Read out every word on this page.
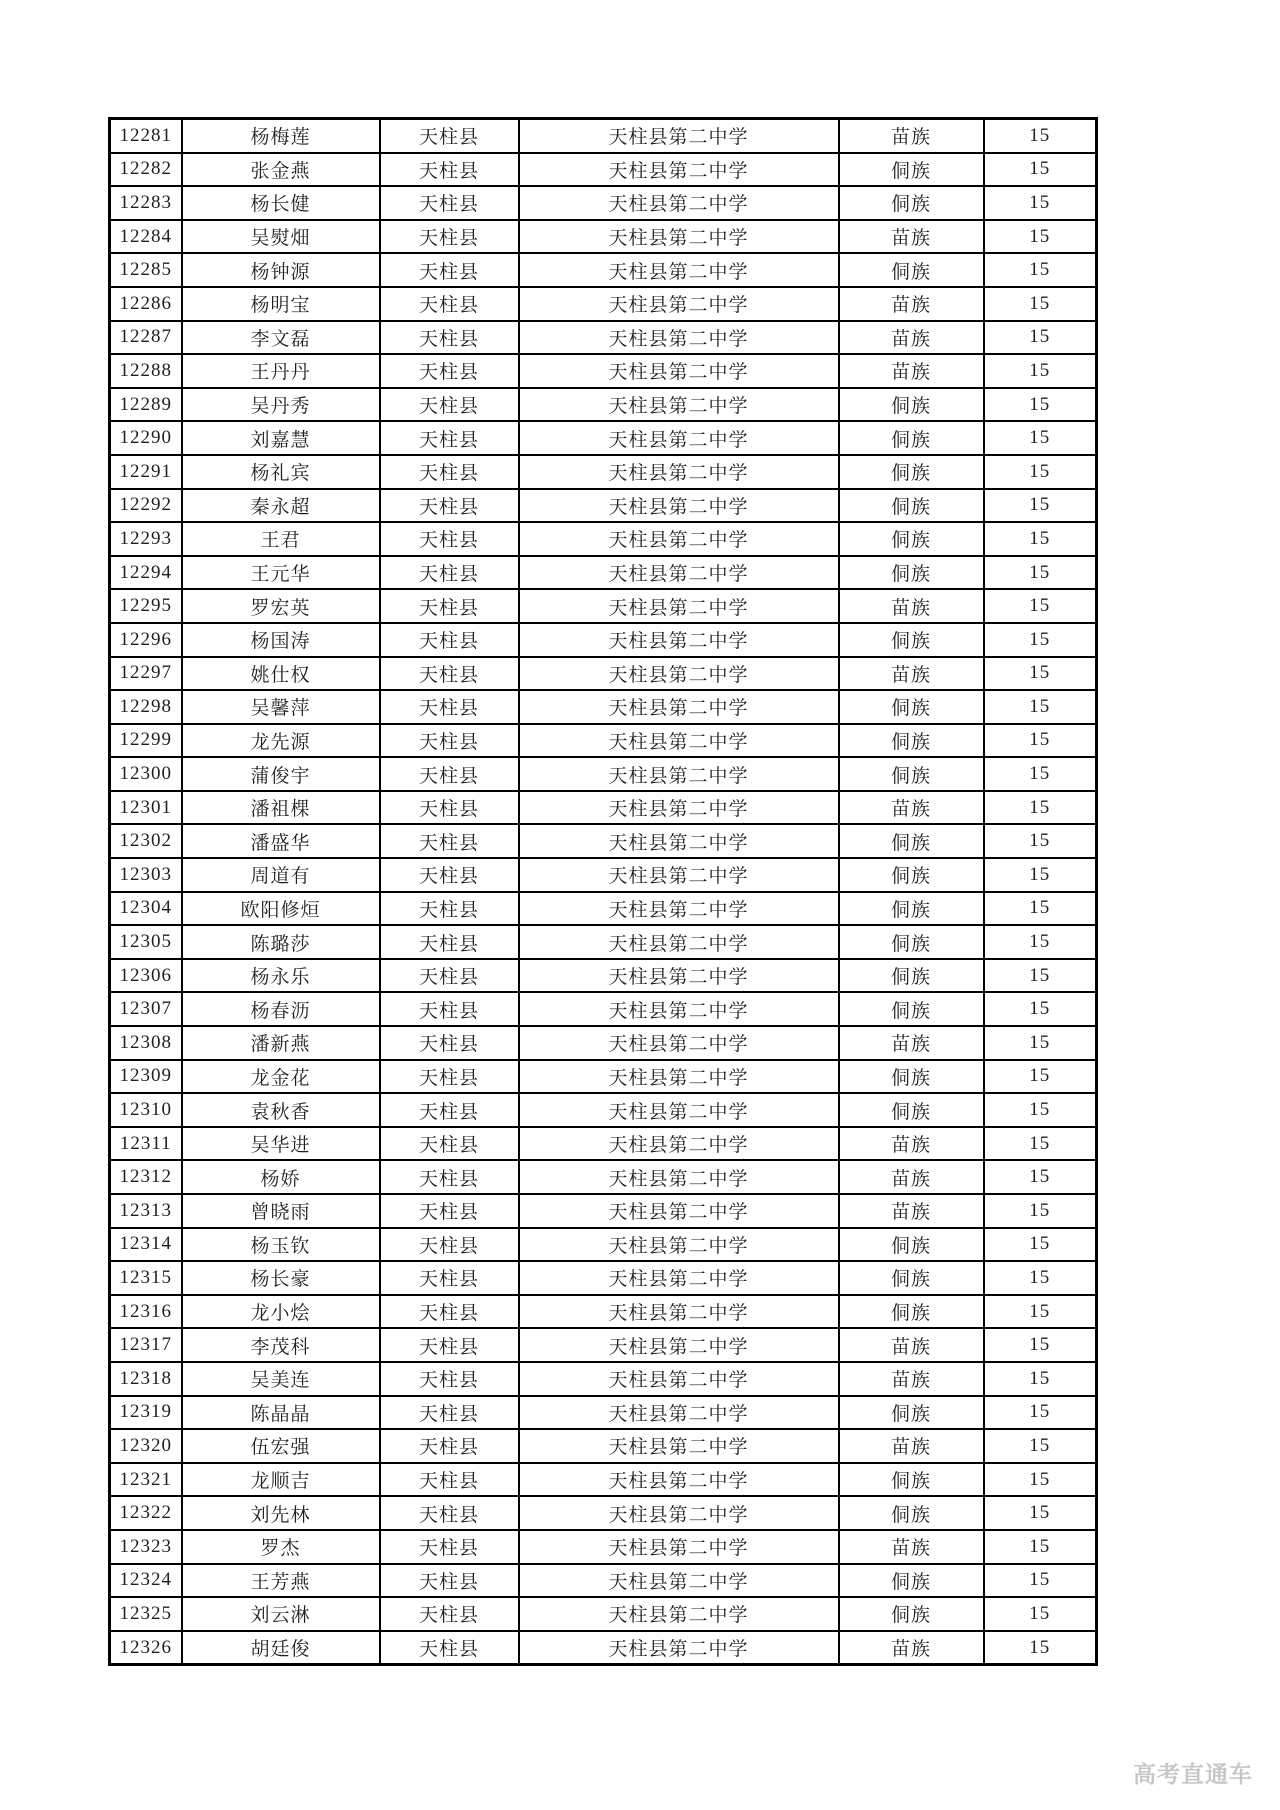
12281	杨梅莲	天柱县	天柱县第二中学	苗族	15
12282	张金燕	天柱县	天柱县第二中学	侗族	15
12283	杨长健	天柱县	天柱县第二中学	侗族	15
12284	吴熨畑	天柱县	天柱县第二中学	苗族	15
12285	杨钟源	天柱县	天柱县第二中学	侗族	15
12286	杨明宝	天柱县	天柱县第二中学	苗族	15
12287	李文磊	天柱县	天柱县第二中学	苗族	15
12288	王丹丹	天柱县	天柱县第二中学	苗族	15
12289	吴丹秀	天柱县	天柱县第二中学	侗族	15
12290	刘嘉慧	天柱县	天柱县第二中学	侗族	15
12291	杨礼宾	天柱县	天柱县第二中学	侗族	15
12292	秦永超	天柱县	天柱县第二中学	侗族	15
12293	王君	天柱县	天柱县第二中学	侗族	15
12294	王元华	天柱县	天柱县第二中学	侗族	15
12295	罗宏英	天柱县	天柱县第二中学	苗族	15
12296	杨国涛	天柱县	天柱县第二中学	侗族	15
12297	姚仕权	天柱县	天柱县第二中学	苗族	15
12298	吴馨萍	天柱县	天柱县第二中学	侗族	15
12299	龙先源	天柱县	天柱县第二中学	侗族	15
12300	蒲俊宇	天柱县	天柱县第二中学	侗族	15
12301	潘祖棵	天柱县	天柱县第二中学	苗族	15
12302	潘盛华	天柱县	天柱县第二中学	侗族	15
12303	周道有	天柱县	天柱县第二中学	侗族	15
12304	欧阳修烜	天柱县	天柱县第二中学	侗族	15
12305	陈璐莎	天柱县	天柱县第二中学	侗族	15
12306	杨永乐	天柱县	天柱县第二中学	侗族	15
12307	杨春沥	天柱县	天柱县第二中学	侗族	15
12308	潘新燕	天柱县	天柱县第二中学	苗族	15
12309	龙金花	天柱县	天柱县第二中学	侗族	15
12310	袁秋香	天柱县	天柱县第二中学	侗族	15
12311	吴华进	天柱县	天柱县第二中学	苗族	15
12312	杨娇	天柱县	天柱县第二中学	苗族	15
12313	曾晓雨	天柱县	天柱县第二中学	苗族	15
12314	杨玉钦	天柱县	天柱县第二中学	侗族	15
12315	杨长豪	天柱县	天柱县第二中学	侗族	15
12316	龙小烩	天柱县	天柱县第二中学	侗族	15
12317	李茂科	天柱县	天柱县第二中学	苗族	15
12318	吴美连	天柱县	天柱县第二中学	苗族	15
12319	陈晶晶	天柱县	天柱县第二中学	侗族	15
12320	伍宏强	天柱县	天柱县第二中学	苗族	15
12321	龙顺吉	天柱县	天柱县第二中学	侗族	15
12322	刘先林	天柱县	天柱县第二中学	侗族	15
12323	罗杰	天柱县	天柱县第二中学	苗族	15
12324	王芳燕	天柱县	天柱县第二中学	侗族	15
12325	刘云淋	天柱县	天柱县第二中学	侗族	15
12326	胡廷俊	天柱县	天柱县第二中学	苗族	15
高考直通车
